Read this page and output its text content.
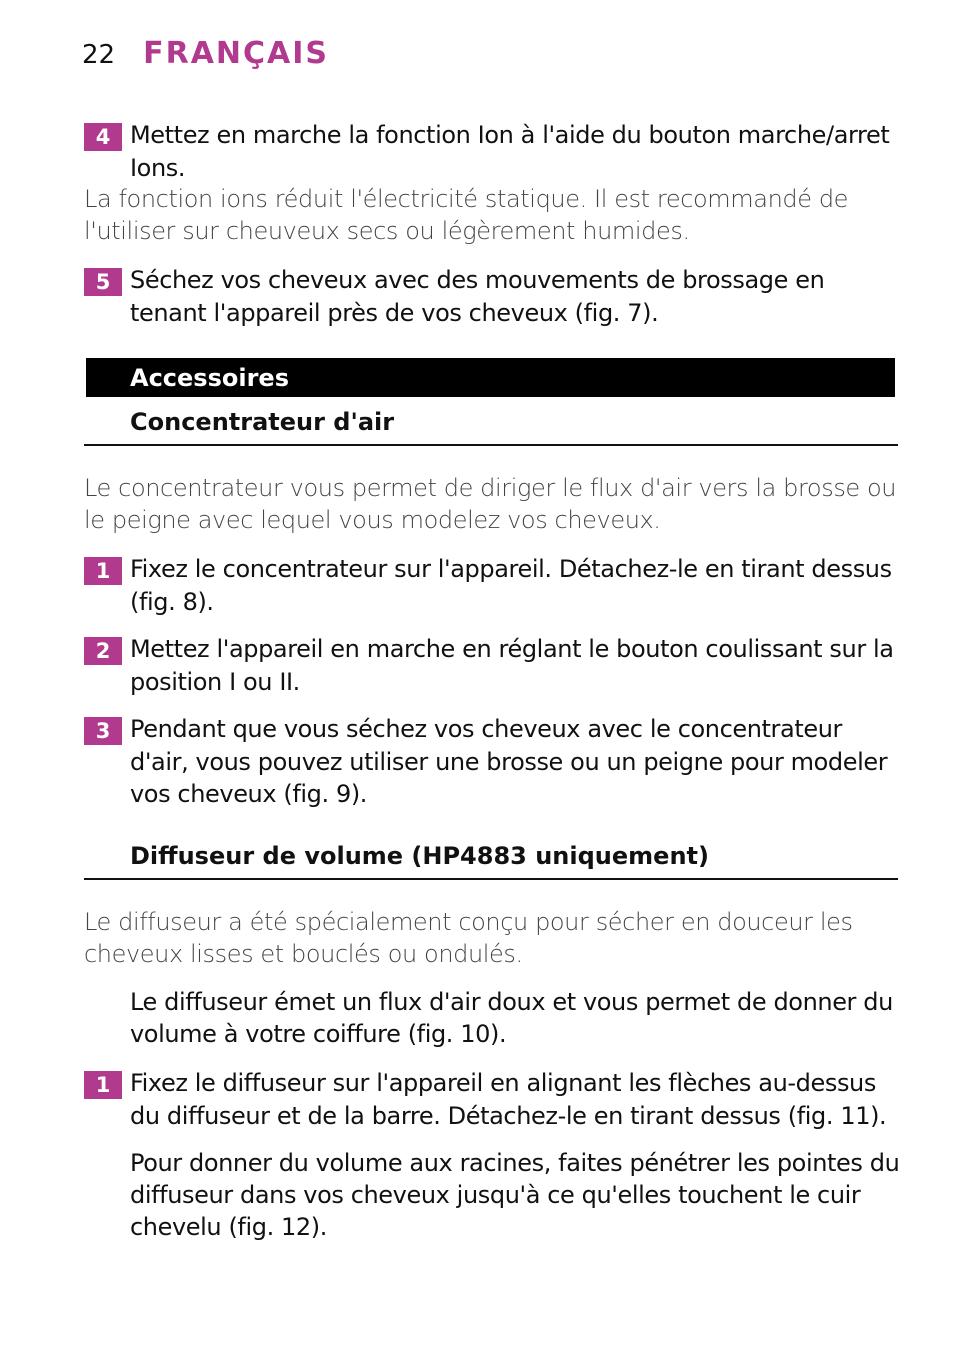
22 FRANÇAIS
4 Mettez en marche la fonction Ion à l'aide du bouton marche/arret Ions.
La fonction ions réduit l'électricité statique. Il est recommandé de l'utiliser sur cheuveux secs ou légèrement humides.
5 Séchez vos cheveux avec des mouvements de brossage en tenant l'appareil près de vos cheveux (fig. 7).
Accessoires
Concentrateur d'air
Le concentrateur vous permet de diriger le flux d'air vers la brosse ou le peigne avec lequel vous modelez vos cheveux.
1 Fixez le concentrateur sur l'appareil. Détachez-le en tirant dessus (fig. 8).
2 Mettez l'appareil en marche en réglant le bouton coulissant sur la position I ou II.
3 Pendant que vous séchez vos cheveux avec le concentrateur d'air, vous pouvez utiliser une brosse ou un peigne pour modeler vos cheveux (fig. 9).
Diffuseur de volume (HP4883 uniquement)
Le diffuseur a été spécialement conçu pour sécher en douceur les cheveux lisses et bouclés ou ondulés.
Le diffuseur émet un flux d'air doux et vous permet de donner du volume à votre coiffure (fig. 10).
1 Fixez le diffuseur sur l'appareil en alignant les flèches au-dessus du diffuseur et de la barre. Détachez-le en tirant dessus (fig. 11).
Pour donner du volume aux racines, faites pénétrer les pointes du diffuseur dans vos cheveux jusqu'à ce qu'elles touchent le cuir chevelu (fig. 12).
